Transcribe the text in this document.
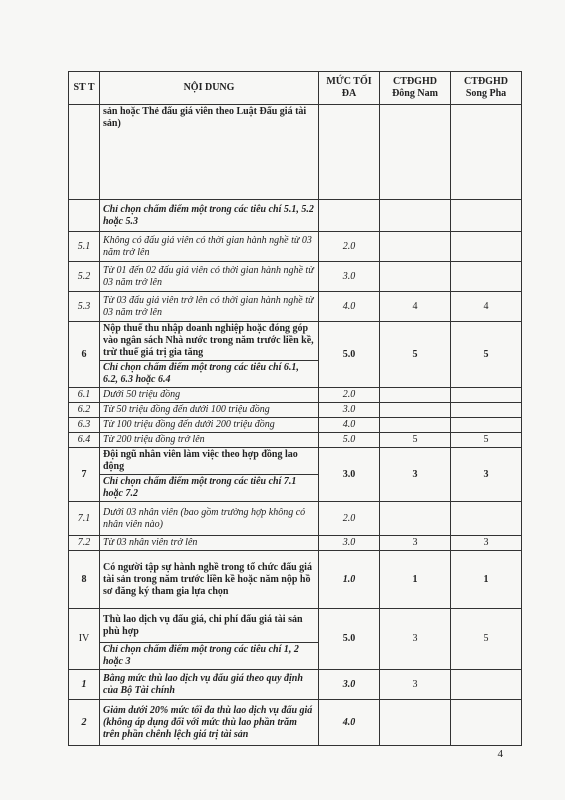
ST T	NỘI DUNG	MỨC TỐI ĐA	CTĐGHD Đông Nam	CTĐGHD Song Pha
	sản hoặc Thẻ đấu giá viên theo Luật Đấu giá tài sản)			
	Chỉ chọn chấm điểm một trong các tiêu chí 5.1, 5.2 hoặc 5.3			
5.1	Không có đấu giá viên có thời gian hành nghề từ 03 năm trở lên	2.0		
5.2	Từ 01 đến 02 đấu giá viên có thời gian hành nghề từ 03 năm trở lên	3.0		
5.3	Từ 03 đấu giá viên trở lên có thời gian hành nghề từ 03 năm trở lên	4.0	4	4
6	Nộp thuế thu nhập doanh nghiệp hoặc đóng góp vào ngân sách Nhà nước trong năm trước liền kề, trừ thuế giá trị gia tăng	5.0	5	5
	Chỉ chọn chấm điểm một trong các tiêu chí 6.1, 6.2, 6.3 hoặc 6.4			
6.1	Dưới 50 triệu đồng	2.0		
6.2	Từ 50 triệu đồng đến dưới 100 triệu đồng	3.0		
6.3	Từ 100 triệu đồng đến dưới 200 triệu đồng	4.0		
6.4	Từ 200 triệu đồng trở lên	5.0	5	5
7	Đội ngũ nhân viên làm việc theo hợp đồng lao động	3.0	3	3
	Chỉ chọn chấm điểm một trong các tiêu chí 7.1 hoặc 7.2			
7.1	Dưới 03 nhân viên (bao gồm trường hợp không có nhân viên nào)	2.0		
7.2	Từ 03 nhân viên trở lên	3.0	3	3
8	Có người tập sự hành nghề trong tổ chức đấu giá tài sản trong năm trước liền kề hoặc năm nộp hồ sơ đăng ký tham gia lựa chọn	1.0	1	1
IV	Thù lao dịch vụ đấu giá, chi phí đấu giá tài sản phù hợp	5.0	3	5
	Chỉ chọn chấm điểm một trong các tiêu chí 1, 2 hoặc 3			
1	Bằng mức thù lao dịch vụ đấu giá theo quy định của Bộ Tài chính	3.0	3	
2	Giảm dưới 20% mức tối đa thù lao dịch vụ đấu giá (không áp dụng đối với mức thù lao phần trăm trên phần chênh lệch giá trị tài sản	4.0		
4
